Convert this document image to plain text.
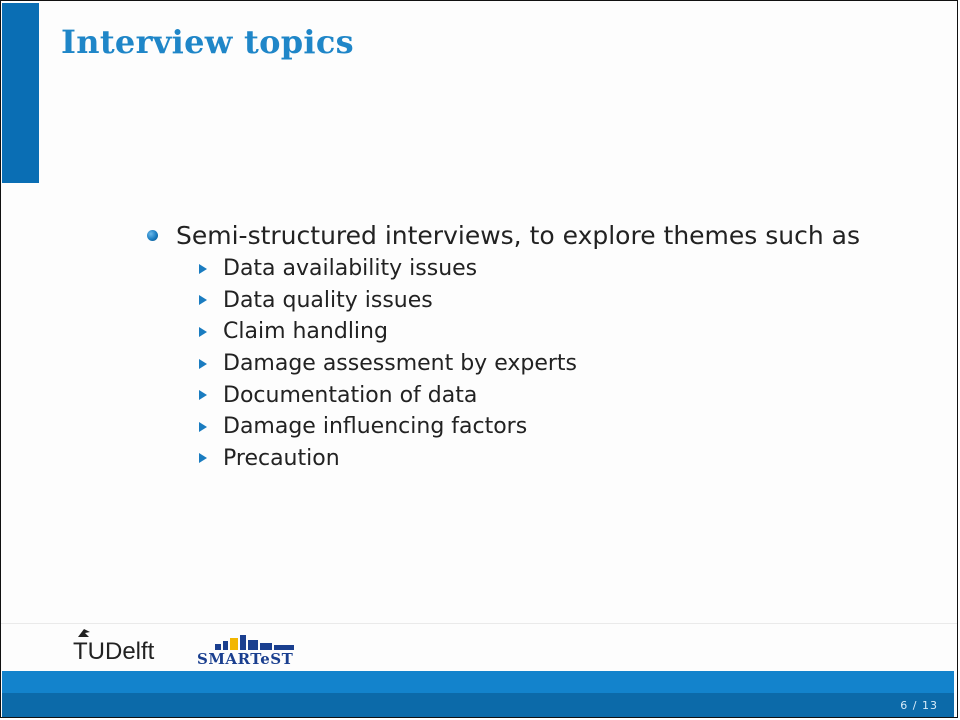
Interview topics
Semi-structured interviews, to explore themes such as
Data availability issues
Data quality issues
Claim handling
Damage assessment by experts
Documentation of data
Damage influencing factors
Precaution
TUDelft	SMARTeST
6 / 13
